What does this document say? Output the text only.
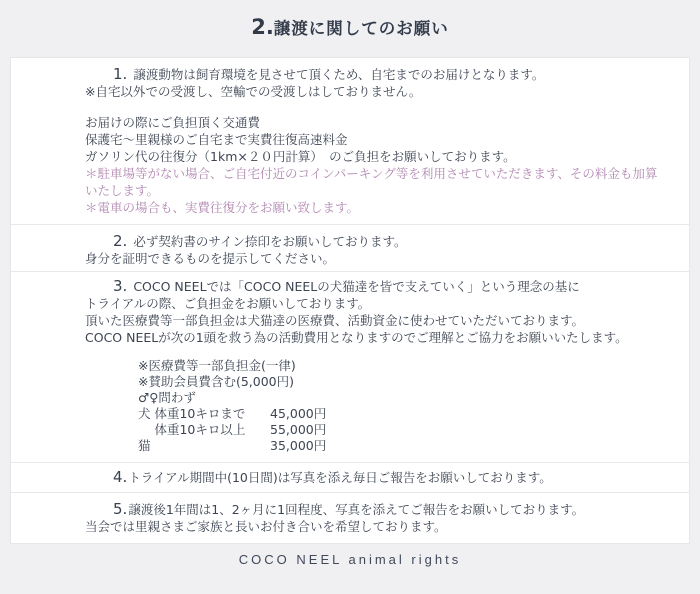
2.譲渡に関してのお願い
1. 譲渡動物は飼育環境を見させて頂くため、自宅までのお届けとなります。
※自宅以外での受渡し、空輸での受渡しはしておりません。
お届けの際にご負担頂く交通費
保護宅〜里親様のご自宅まで実費往復高速料金
ガソリン代の往復分（1km×２０円計算）　のご負担をお願いしております。
＊駐車場等がない場合、ご自宅付近のコインパーキング等を利用させていただきます、その料金も加算いたします。
＊電車の場合も、実費往復分をお願い致します。
2. 必ず契約書のサイン捺印をお願いしております。
身分を証明できるものを提示してください。
3. COCO NEELでは「COCO NEELの犬猫達を皆で支えていく」という理念の基に
トライアルの際、ご負担金をお願いしております。
頂いた医療費等一部負担金は犬猫達の医療費、活動資金に使わせていただいております。
COCO NEELが次の1頭を救う為の活動費用となりますのでご理解とご協力をお願いいたします。
※医療費等一部負担金(一律)
※賛助会員費含む(5,000円)
♂♀問わず
犬 体重10キロまで	45,000円
　 体重10キロ以上	55,000円
猫	35,000円
4.トライアル期間中(10日間)は写真を添え毎日ご報告をお願いしております。
5.譲渡後1年間は1、2ヶ月に1回程度、写真を添えてご報告をお願いしております。
当会では里親さまご家族と長いお付き合いを希望しております。
COCO NEEL animal rights
